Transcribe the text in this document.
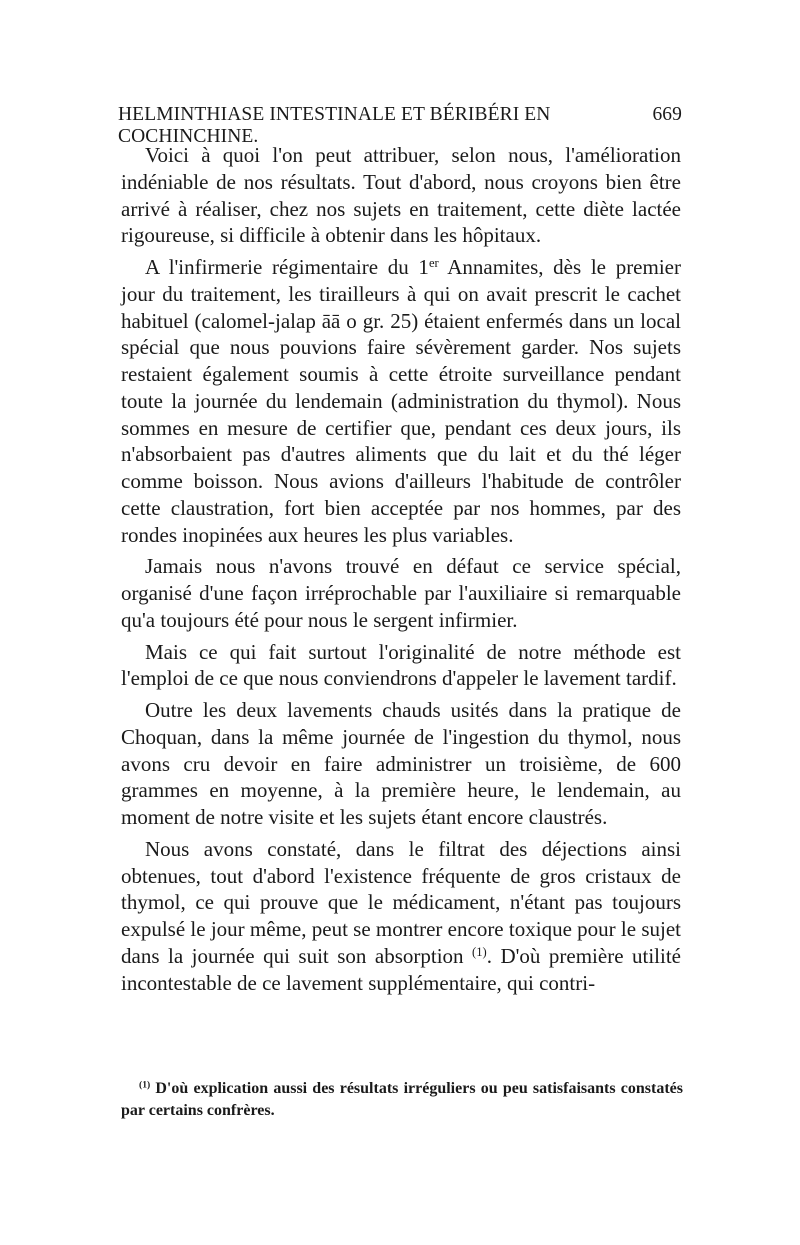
HELMINTHIASE INTESTINALE ET BÉRIBÉRI EN COCHINCHINE.
669

Voici à quoi l'on peut attribuer, selon nous, l'amélioration indéniable de nos résultats. Tout d'abord, nous croyons bien être arrivé à réaliser, chez nos sujets en traitement, cette diète lactée rigoureuse, si difficile à obtenir dans les hôpitaux.

A l'infirmerie régimentaire du 1er Annamites, dès le premier jour du traitement, les tirailleurs à qui on avait prescrit le cachet habituel (calomel-jalap āā o gr. 25) étaient enfermés dans un local spécial que nous pouvions faire sévèrement garder. Nos sujets restaient également soumis à cette étroite surveillance pendant toute la journée du lendemain (administration du thymol). Nous sommes en mesure de certifier que, pendant ces deux jours, ils n'absorbaient pas d'autres aliments que du lait et du thé léger comme boisson. Nous avions d'ailleurs l'habitude de contrôler cette claustration, fort bien acceptée par nos hommes, par des rondes inopinées aux heures les plus variables.

Jamais nous n'avons trouvé en défaut ce service spécial, organisé d'une façon irréprochable par l'auxiliaire si remarquable qu'a toujours été pour nous le sergent infirmier.

Mais ce qui fait surtout l'originalité de notre méthode est l'emploi de ce que nous conviendrons d'appeler le lavement tardif.

Outre les deux lavements chauds usités dans la pratique de Choquan, dans la même journée de l'ingestion du thymol, nous avons cru devoir en faire administrer un troisième, de 600 grammes en moyenne, à la première heure, le lendemain, au moment de notre visite et les sujets étant encore claustrés.

Nous avons constaté, dans le filtrat des déjections ainsi obtenues, tout d'abord l'existence fréquente de gros cristaux de thymol, ce qui prouve que le médicament, n'étant pas toujours expulsé le jour même, peut se montrer encore toxique pour le sujet dans la journée qui suit son absorption $^{(1)}$. D'où première utilité incontestable de ce lavement supplémentaire, qui contri-

$^{(1)}$ D'où explication aussi des résultats irréguliers ou peu satisfaisants constatés par certains confrères.
